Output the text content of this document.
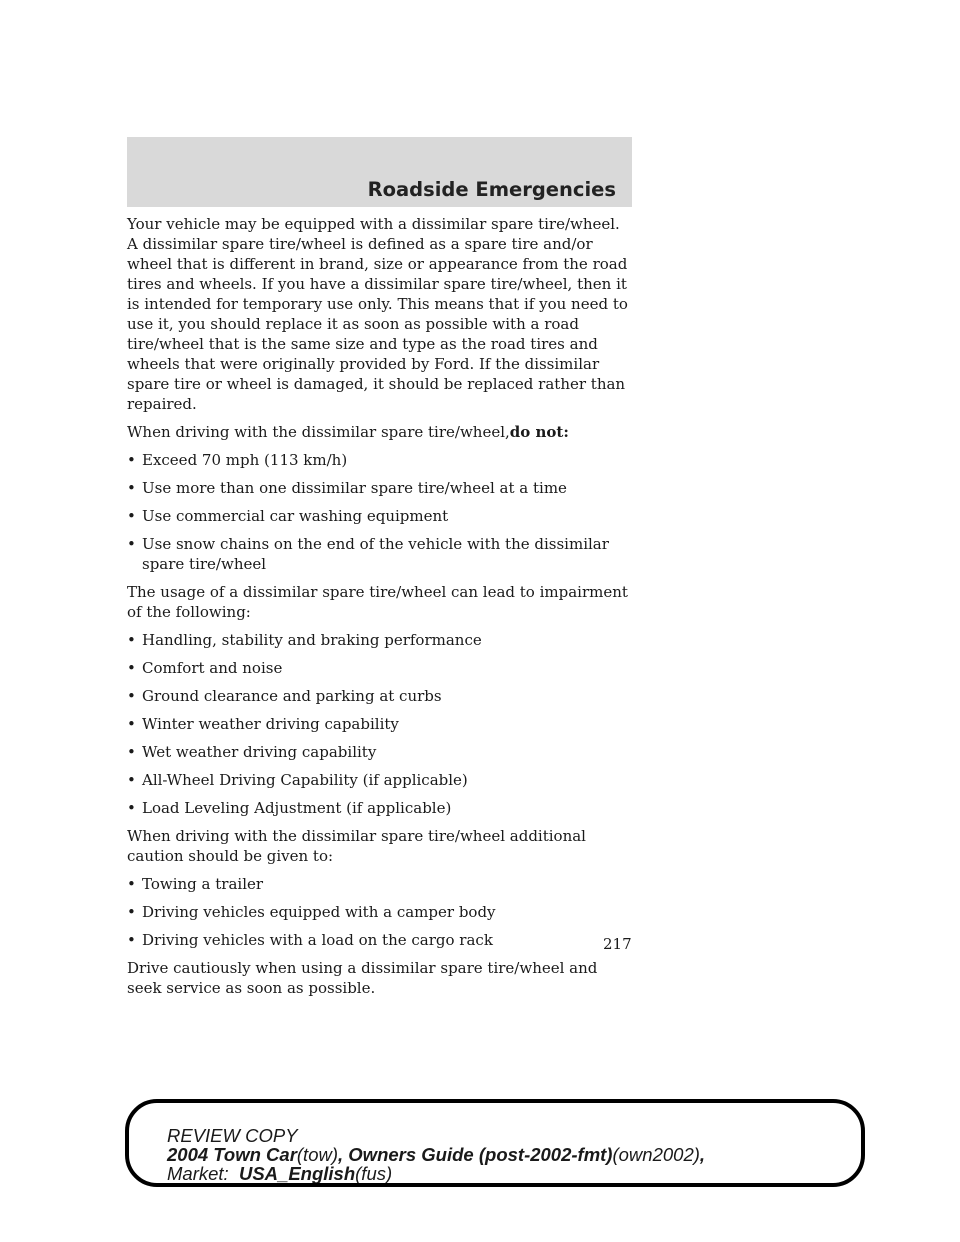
Roadside Emergencies

Your vehicle may be equipped with a dissimilar spare tire/wheel. A dissimilar spare tire/wheel is defined as a spare tire and/or wheel that is different in brand, size or appearance from the road tires and wheels. If you have a dissimilar spare tire/wheel, then it is intended for temporary use only. This means that if you need to use it, you should replace it as soon as possible with a road tire/wheel that is the same size and type as the road tires and wheels that were originally provided by Ford. If the dissimilar spare tire or wheel is damaged, it should be replaced rather than repaired.

When driving with the dissimilar spare tire/wheel,do not:

• Exceed 70 mph (113 km/h)
• Use more than one dissimilar spare tire/wheel at a time
• Use commercial car washing equipment
• Use snow chains on the end of the vehicle with the dissimilar spare tire/wheel

The usage of a dissimilar spare tire/wheel can lead to impairment of the following:

• Handling, stability and braking performance
• Comfort and noise
• Ground clearance and parking at curbs
• Winter weather driving capability
• Wet weather driving capability
• All-Wheel Driving Capability (if applicable)
• Load Leveling Adjustment (if applicable)

When driving with the dissimilar spare tire/wheel additional caution should be given to:

• Towing a trailer
• Driving vehicles equipped with a camper body
• Driving vehicles with a load on the cargo rack

Drive cautiously when using a dissimilar spare tire/wheel and seek service as soon as possible.

217
REVIEW COPY
2004 Town Car(tow), Owners Guide (post-2002-fmt)(own2002),
Market: USA_English(fus)
